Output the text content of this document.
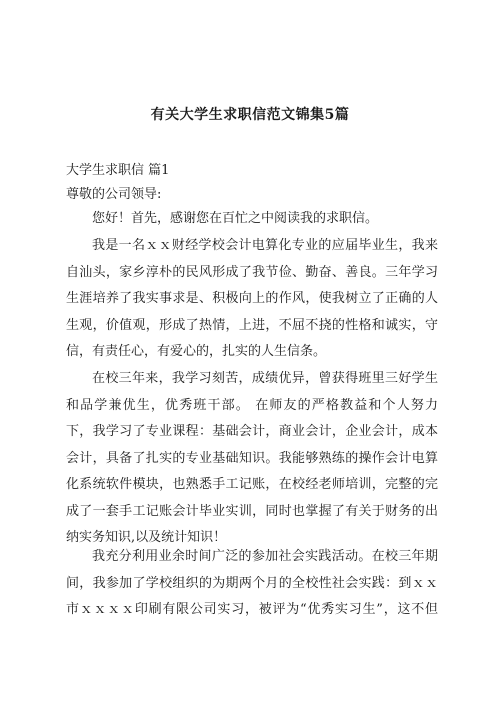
有关大学生求职信范文锦集5篇
大学生求职信 篇1
尊敬的公司领导:
您好！首先，感谢您在百忙之中阅读我的求职信。
我是一名ｘｘ财经学校会计电算化专业的应届毕业生，我来
自汕头，家乡淳朴的民风形成了我节俭、勤奋、善良。三年学习
生涯培养了我实事求是、积极向上的作风，使我树立了正确的人
生观，价值观，形成了热情，上进，不屈不挠的性格和诚实，守
信，有责任心，有爱心的，扎实的人生信条。
在校三年来，我学习刻苦，成绩优异，曾获得班里三好学生
和品学兼优生，优秀班干部。 在师友的严格教益和个人努力
下，我学习了专业课程：基础会计，商业会计，企业会计，成本
会计，具备了扎实的专业基础知识。我能够熟练的操作会计电算
化系统软件模块，也熟悉手工记账，在校经老师培训，完整的完
成了一套手工记账会计毕业实训，同时也掌握了有关于财务的出
纳实务知识,以及统计知识！
我充分利用业余时间广泛的参加社会实践活动。在校三年期
间，我参加了学校组织的为期两个月的全校性社会实践：到ｘｘ
市ｘｘｘｘ印刷有限公司实习，被评为“优秀实习生”，这不但
